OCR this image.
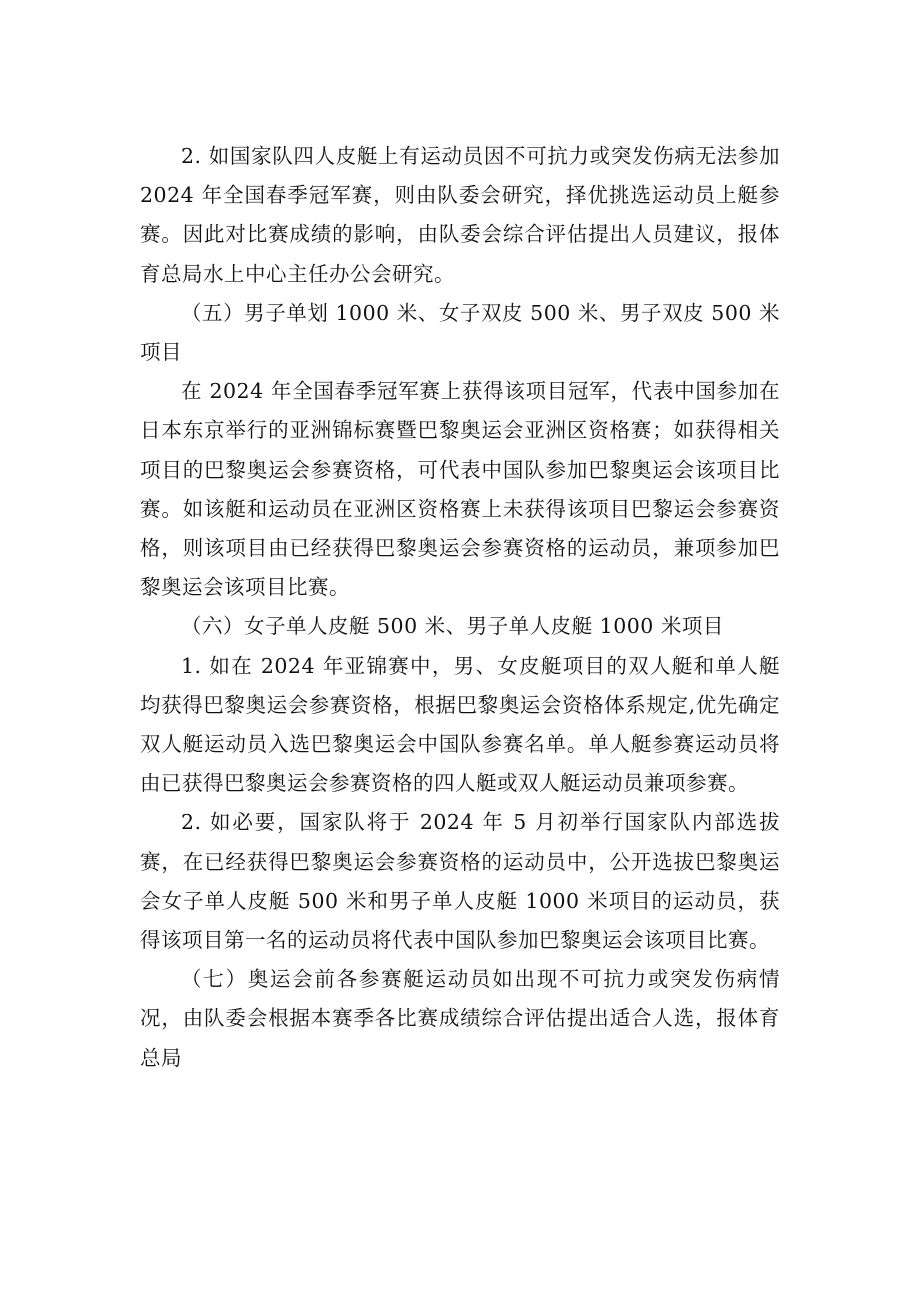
2. 如国家队四人皮艇上有运动员因不可抗力或突发伤病无法参加 2024 年全国春季冠军赛，则由队委会研究，择优挑选运动员上艇参赛。因此对比赛成绩的影响，由队委会综合评估提出人员建议，报体育总局水上中心主任办公会研究。

（五）男子单划 1000 米、女子双皮 500 米、男子双皮 500 米项目

在 2024 年全国春季冠军赛上获得该项目冠军，代表中国参加在日本东京举行的亚洲锦标赛暨巴黎奥运会亚洲区资格赛；如获得相关项目的巴黎奥运会参赛资格，可代表中国队参加巴黎奥运会该项目比赛。如该艇和运动员在亚洲区资格赛上未获得该项目巴黎运会参赛资格，则该项目由已经获得巴黎奥运会参赛资格的运动员，兼项参加巴黎奥运会该项目比赛。

（六）女子单人皮艇 500 米、男子单人皮艇 1000 米项目

1. 如在 2024 年亚锦赛中，男、女皮艇项目的双人艇和单人艇均获得巴黎奥运会参赛资格，根据巴黎奥运会资格体系规定,优先确定双人艇运动员入选巴黎奥运会中国队参赛名单。单人艇参赛运动员将由已获得巴黎奥运会参赛资格的四人艇或双人艇运动员兼项参赛。

2. 如必要，国家队将于 2024 年 5 月初举行国家队内部选拔赛，在已经获得巴黎奥运会参赛资格的运动员中，公开选拔巴黎奥运会女子单人皮艇 500 米和男子单人皮艇 1000 米项目的运动员，获得该项目第一名的运动员将代表中国队参加巴黎奥运会该项目比赛。

（七）奥运会前各参赛艇运动员如出现不可抗力或突发伤病情况，由队委会根据本赛季各比赛成绩综合评估提出适合人选，报体育总局
